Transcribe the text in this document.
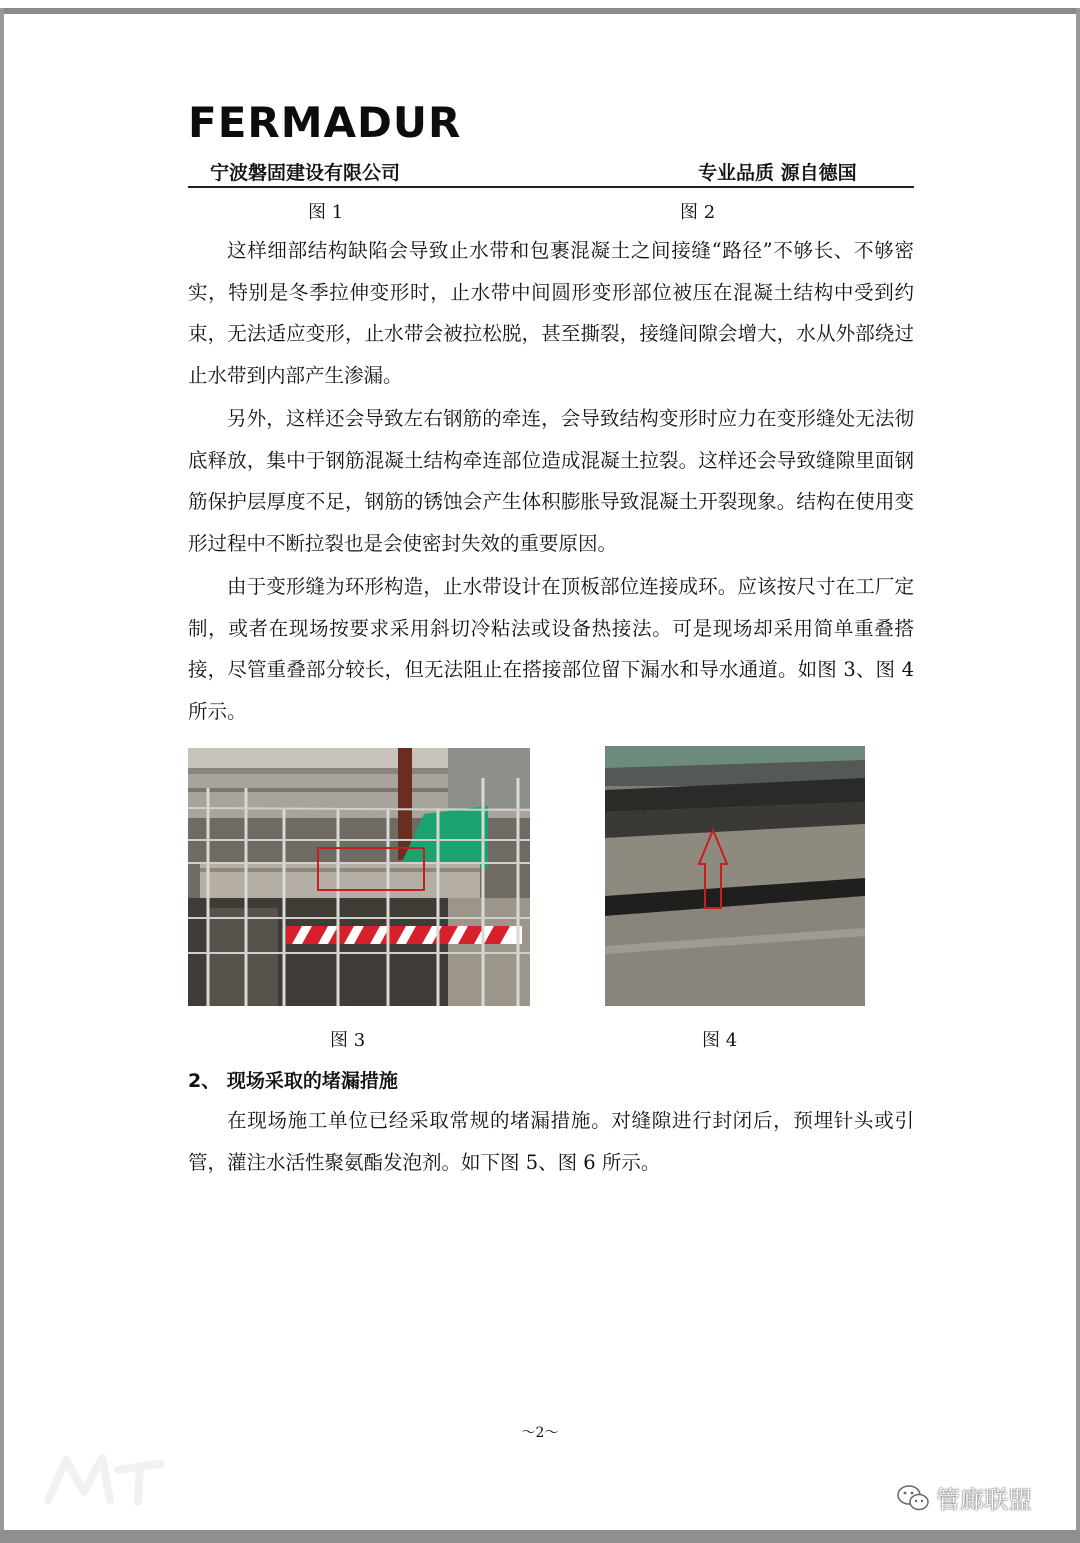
FERMADUR
宁波磐固建设有限公司	专业品质 源自德国
图 1	图 2

这样细部结构缺陷会导致止水带和包裹混凝土之间接缝“路径”不够长、不够密实，特别是冬季拉伸变形时，止水带中间圆形变形部位被压在混凝土结构中受到约束，无法适应变形，止水带会被拉松脱，甚至撕裂，接缝间隙会增大，水从外部绕过止水带到内部产生渗漏。

另外，这样还会导致左右钢筋的牵连，会导致结构变形时应力在变形缝处无法彻底释放，集中于钢筋混凝土结构牵连部位造成混凝土拉裂。这样还会导致缝隙里面钢筋保护层厚度不足，钢筋的锈蚀会产生体积膨胀导致混凝土开裂现象。结构在使用变形过程中不断拉裂也是会使密封失效的重要原因。

由于变形缝为环形构造，止水带设计在顶板部位连接成环。应该按尺寸在工厂定制，或者在现场按要求采用斜切冷粘法或设备热接法。可是现场却采用简单重叠搭接，尽管重叠部分较长，但无法阻止在搭接部位留下漏水和导水通道。如图 3、图 4 所示。

图 3	图 4
2、 现场采取的堵漏措施

在现场施工单位已经采取常规的堵漏措施。对缝隙进行封闭后，预埋针头或引管，灌注水活性聚氨酯发泡剂。如下图 5、图 6 所示。

～2～
管廊联盟
